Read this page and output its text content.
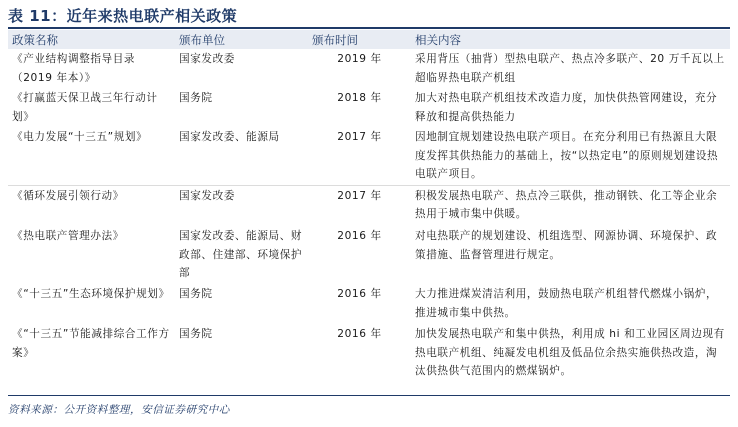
表 11：近年来热电联产相关政策
政策名称	颁布单位	颁布时间	相关内容
《产业结构调整指导目录（2019 年本）》	国家发改委	2019 年	采用背压（抽背）型热电联产、热点冷多联产、20 万千瓦以上超临界热电联产机组
《打赢蓝天保卫战三年行动计划》	国务院	2018 年	加大对热电联产机组技术改造力度，加快供热管网建设，充分释放和提高供热能力
《电力发展“十三五”规划》	国家发改委、能源局	2017 年	因地制宜规划建设热电联产项目。在充分利用已有热源且大限度发挥其供热能力的基础上，按“以热定电”的原则规划建设热电联产项目。
《循环发展引领行动》	国家发改委	2017 年	积极发展热电联产、热点冷三联供，推动钢铁、化工等企业余热用于城市集中供暖。
《热电联产管理办法》	国家发改委、能源局、财政部、住建部、环境保护部	2016 年	对电热联产的规划建设、机组选型、网源协调、环境保护、政策措施、监督管理进行规定。
《“十三五”生态环境保护规划》	国务院	2016 年	大力推进煤炭清洁利用，鼓励热电联产机组替代燃煤小锅炉，推进城市集中供热。
《“十三五”节能减排综合工作方案》	国务院	2016 年	加快发展热电联产和集中供热，利用成 hi 和工业园区周边现有热电联产机组、纯凝发电机组及低品位余热实施供热改造，淘汰供热供气范围内的燃煤锅炉。
资料来源：公开资料整理，安信证券研究中心
